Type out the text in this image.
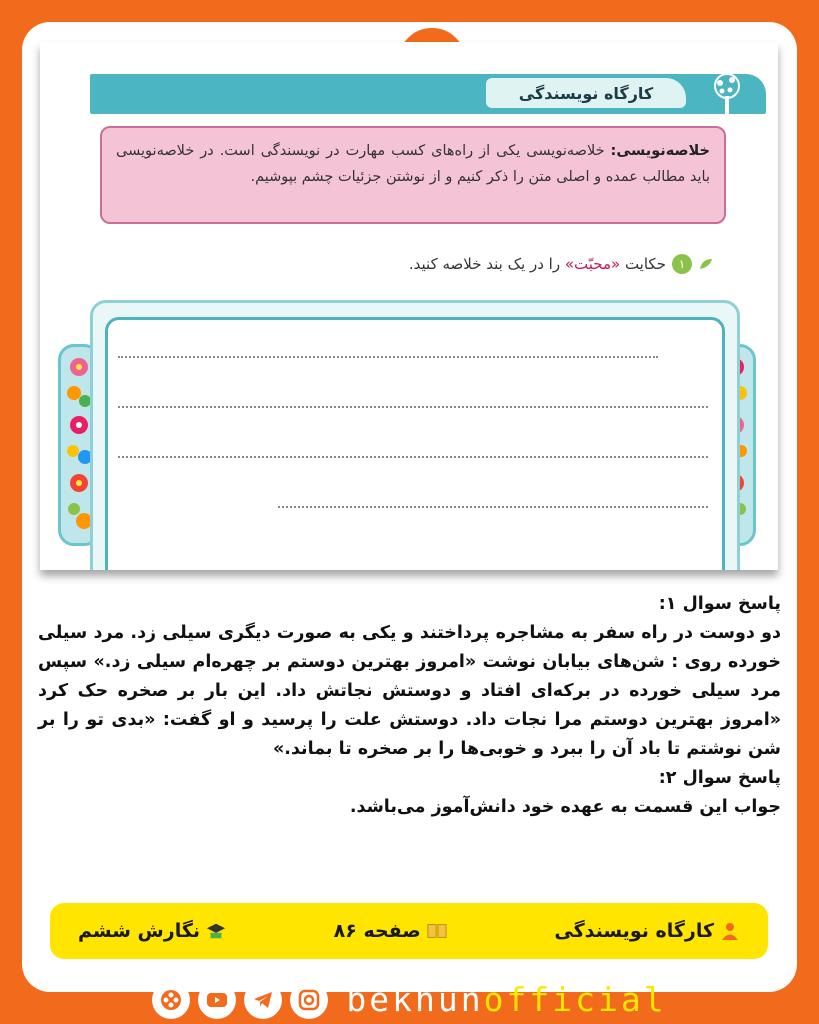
کارگاه نویسندگی
خلاصه‌نویسی: خلاصه‌نویسی یکی از راه‌های کسب مهارت در نویسندگی است. در خلاصه‌نویسی باید مطالب عمده و اصلی متن را ذکر کنیم و از نوشتن جزئیات چشم بپوشیم.
۱
حکایت «محبّت» را در یک بند خلاصه کنید.

پاسخ سوال ۱:

دو دوست در راه سفر به مشاجره پرداختند و یکی به صورت دیگری سیلی زد. مرد سیلی خورده روی : شن‌های بیابان نوشت «امروز بهترین دوستم بر چهره‌ام سیلی زد.» سپس مرد سیلی خورده در برکه‌ای افتاد و دوستش نجاتش داد. این بار بر صخره حک کرد «امروز بهترین دوستم مرا نجات داد. دوستش علت را پرسید و او گفت: «بدی تو را بر شن نوشتم تا باد آن را ببرد و خوبی‌ها را بر صخره تا بماند.»

پاسخ سوال ۲:

جواب این قسمت به عهده خود دانش‌آموز می‌باشد.

کارگاه نویسندگی
صفحه ۸۶
نگارش ششم
bekhunofficial
